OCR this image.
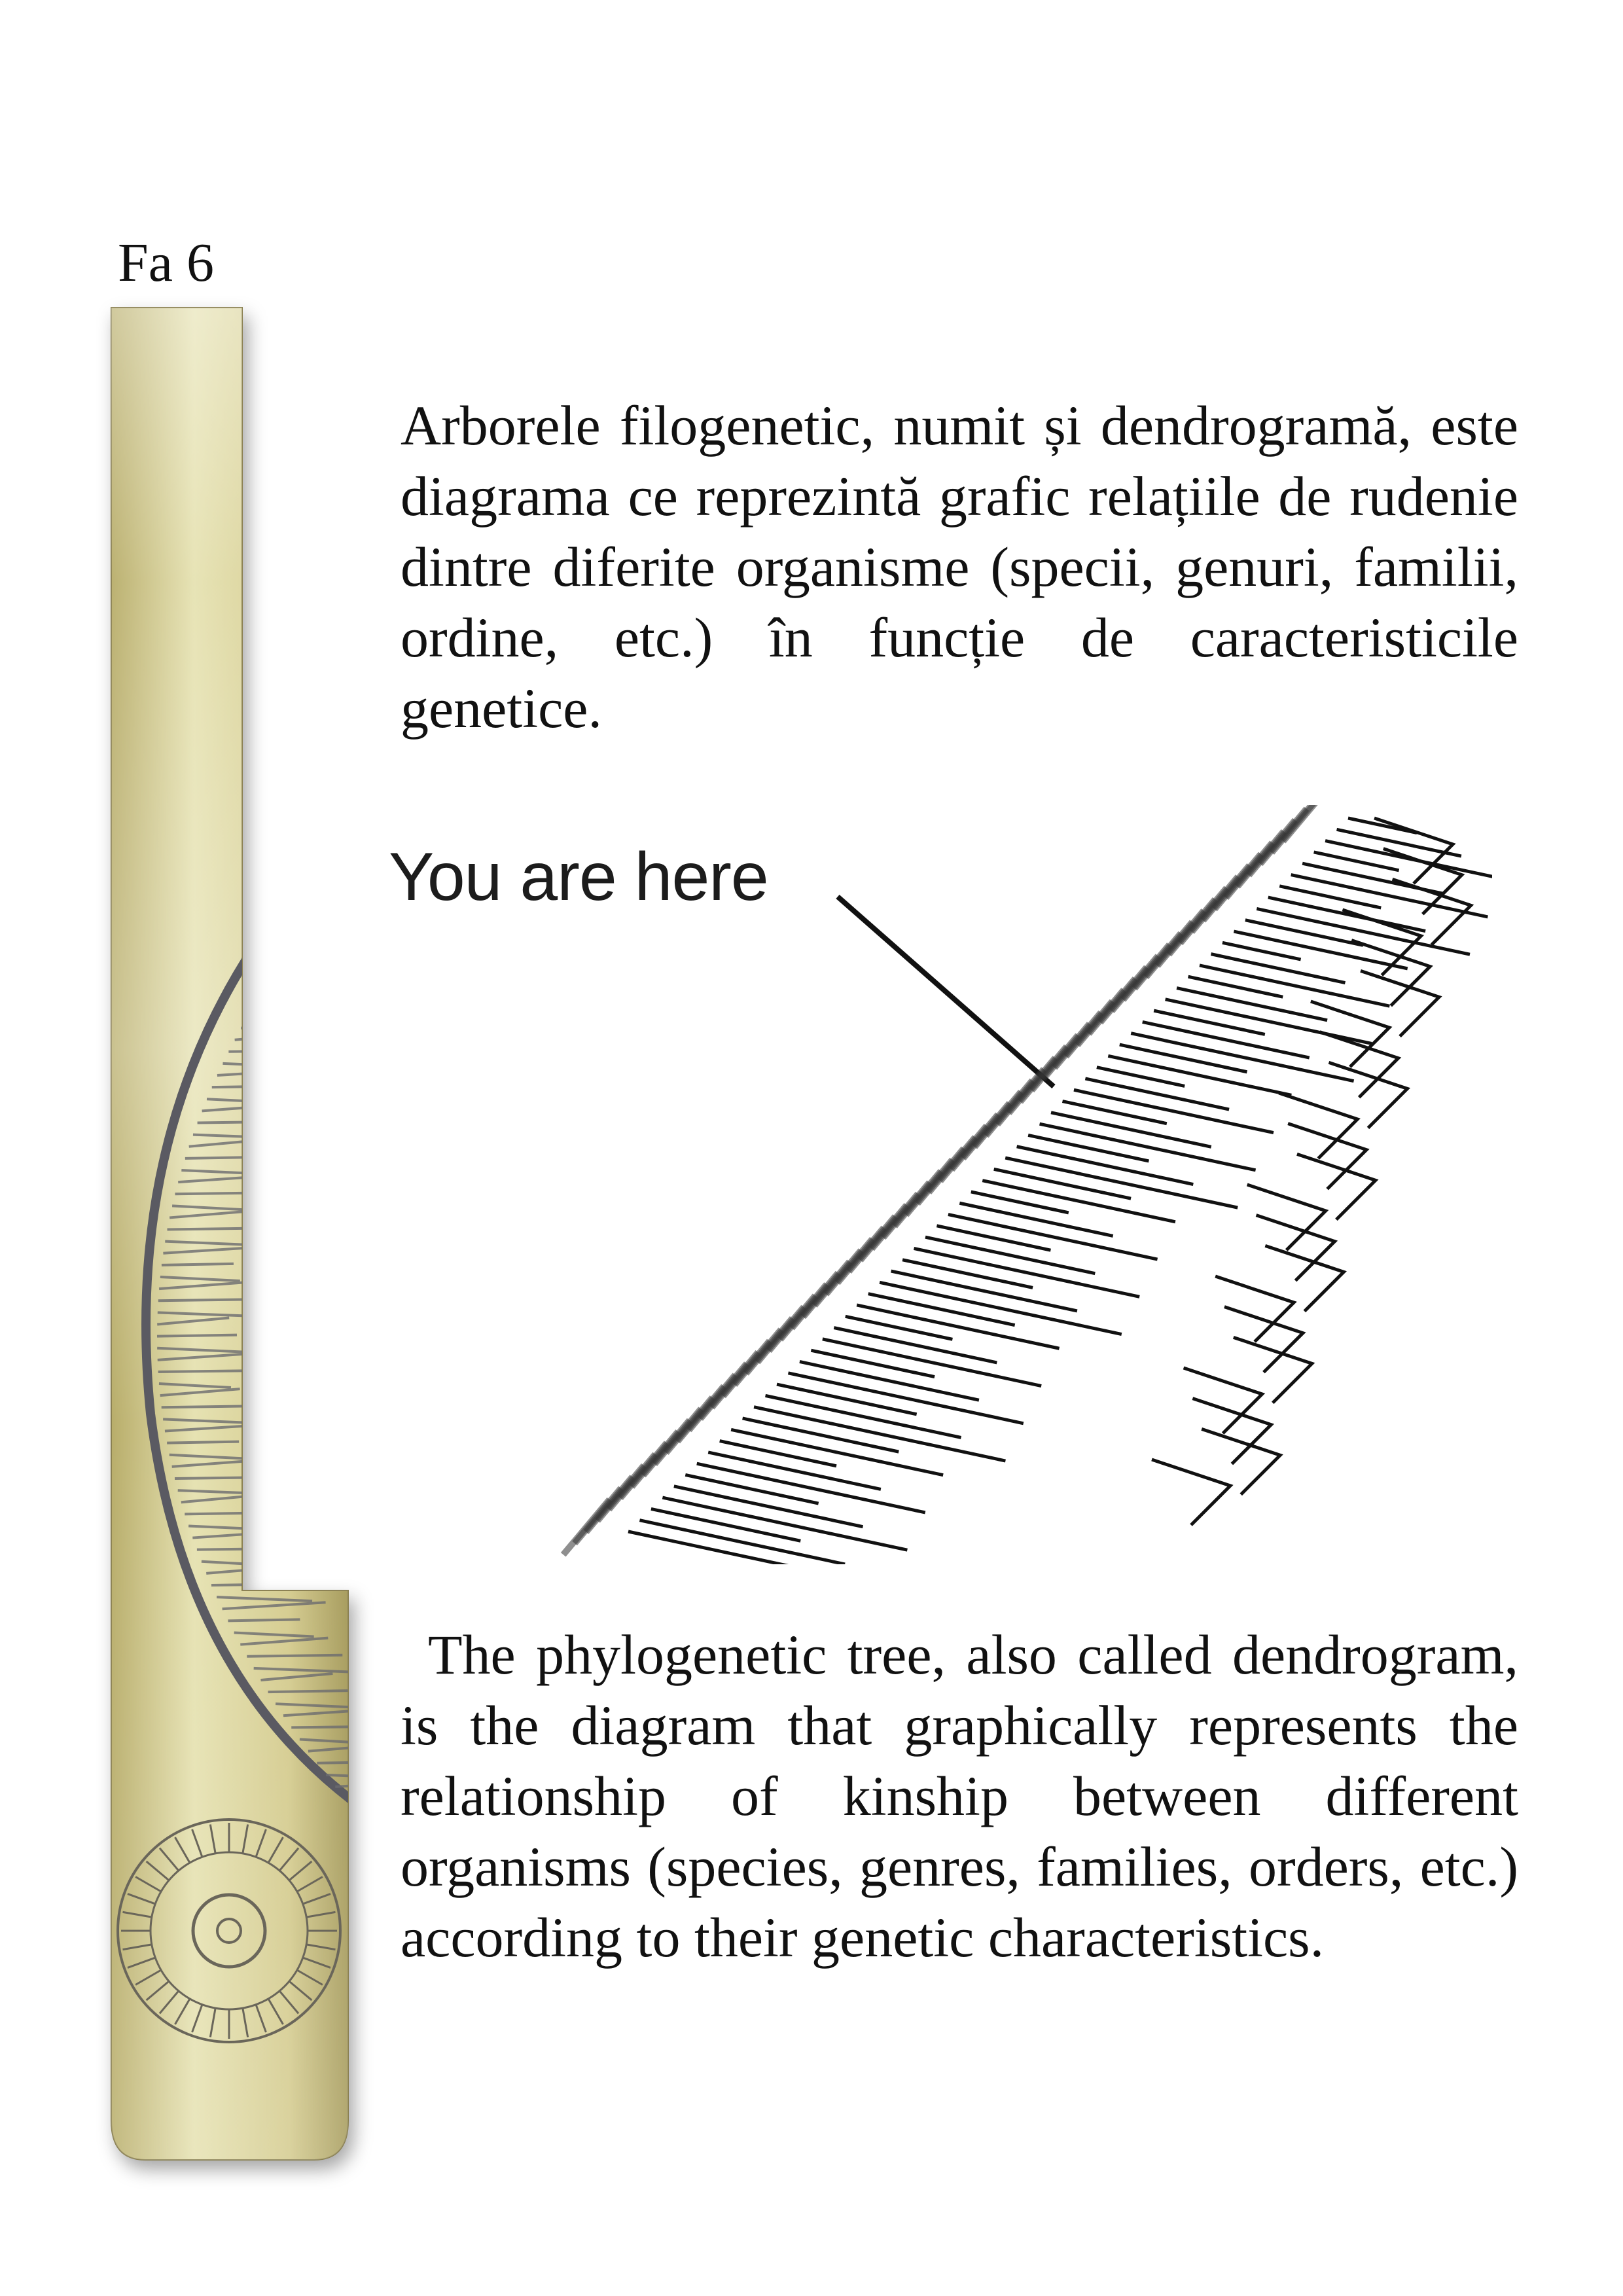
Fa 6

Arborele filogenetic, numit și dendrogramă, este diagrama ce reprezintă grafic relațiile de rudenie dintre diferite organisme (specii, genuri, familii, ordine, etc.) în funcție de caracteristicile genetice.

You are here

The phylogenetic tree, also called dendrogram, is the diagram that graphically represents the relationship of kinship between different organisms (species, genres, families, orders, etc.) according to their genetic characteristics.
